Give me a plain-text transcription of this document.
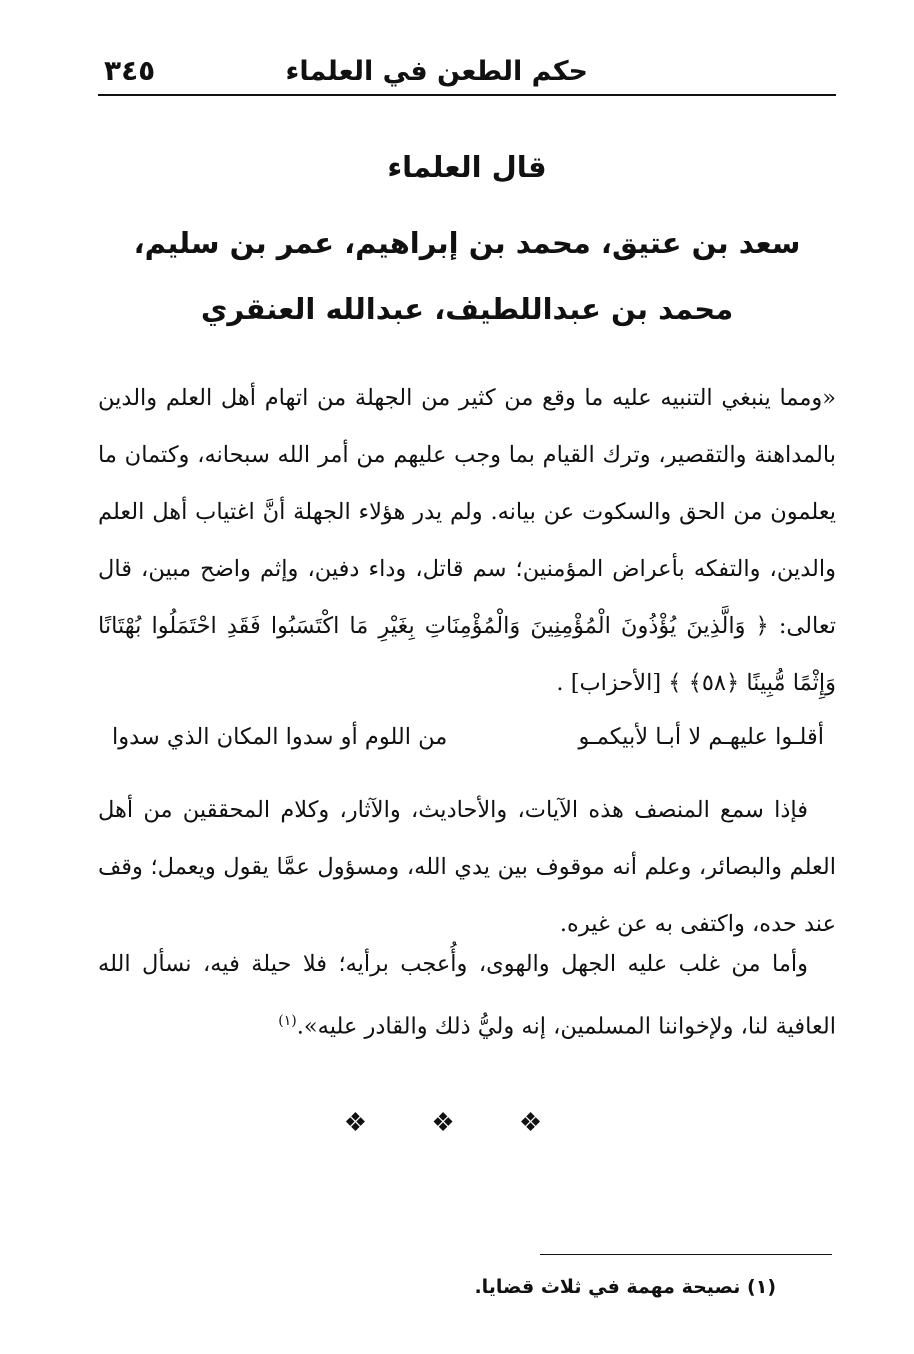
حكم الطعن في العلماء
٣٤٥
قال العلماء
سعد بن عتيق، محمد بن إبراهيم، عمر بن سليم،
محمد بن عبداللطيف، عبدالله العنقري

«ومما ينبغي التنبيه عليه ما وقع من كثير من الجهلة من اتهام أهل العلم والدين بالمداهنة والتقصير، وترك القيام بما وجب عليهم من أمر الله سبحانه، وكتمان ما يعلمون من الحق والسكوت عن بيانه. ولم يدر هؤلاء الجهلة أنَّ اغتياب أهل العلم والدين، والتفكه بأعراض المؤمنين؛ سم قاتل، وداء دفين، وإثم واضح مبين، قال تعالى: ﴿ وَالَّذِينَ يُؤْذُونَ الْمُؤْمِنِينَ وَالْمُؤْمِنَاتِ بِغَيْرِ مَا اكْتَسَبُوا فَقَدِ احْتَمَلُوا بُهْتَانًا وَإِثْمًا مُّبِينًا ﴿٥٨﴾ ﴾ [الأحزاب] .

أقلـوا عليهـم لا أبـا لأبيكمـو
من اللوم أو سدوا المكان الذي سدوا

فإذا سمع المنصف هذه الآيات، والأحاديث، والآثار، وكلام المحققين من أهل العلم والبصائر، وعلم أنه موقوف بين يدي الله، ومسؤول عمَّا يقول ويعمل؛ وقف عند حده، واكتفى به عن غيره.

وأما من غلب عليه الجهل والهوى، وأُعجب برأيه؛ فلا حيلة فيه، نسأل الله العافية لنا، ولإخواننا المسلمين، إنه وليُّ ذلك والقادر عليه».$^{(١)}$

❖ ❖ ❖
(١) نصيحة مهمة في ثلاث قضايا.
